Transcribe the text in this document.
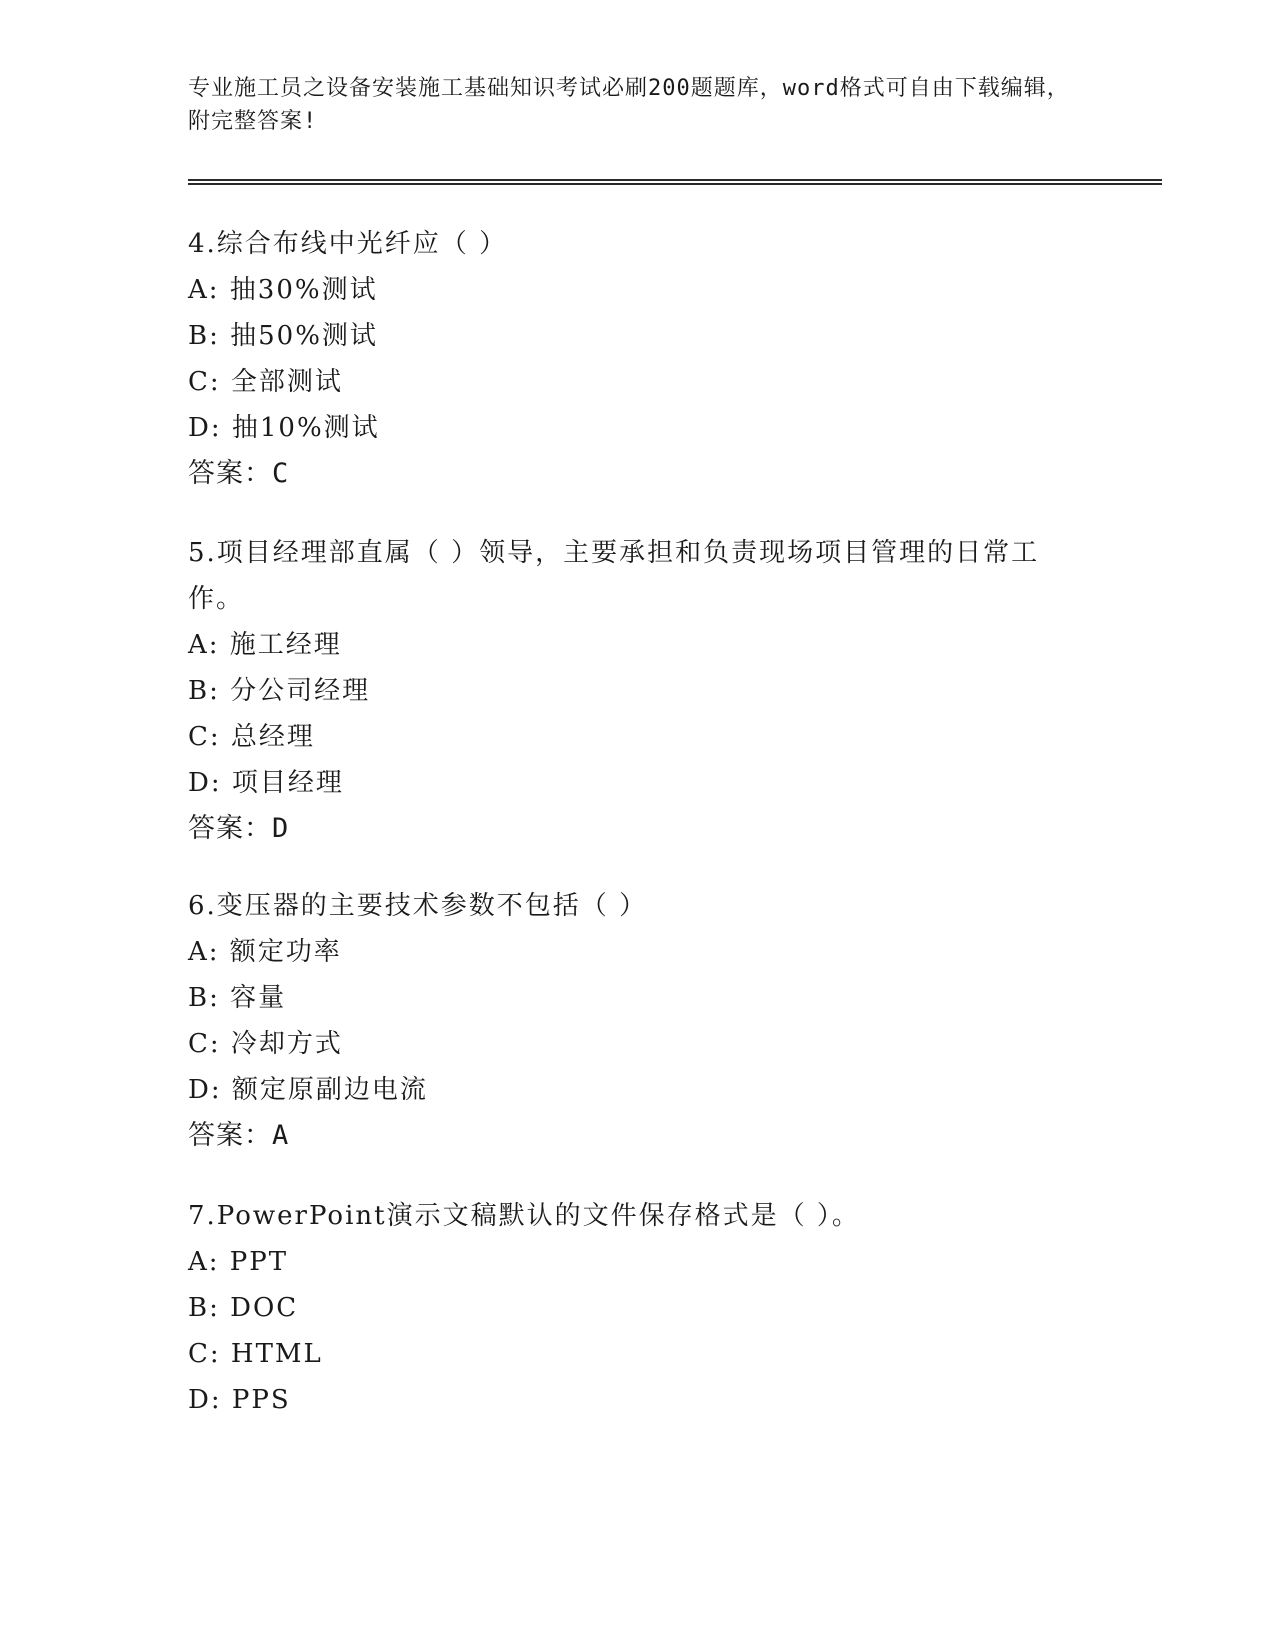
专业施工员之设备安装施工基础知识考试必刷200题题库，word格式可自由下载编辑，附完整答案!

4.综合布线中光纤应（ ）

A: 抽30%测试

B: 抽50%测试

C: 全部测试

D: 抽10%测试

答案：C

5.项目经理部直属（ ）领导，主要承担和负责现场项目管理的日常工作。

A: 施工经理

B: 分公司经理

C: 总经理

D: 项目经理

答案：D

6.变压器的主要技术参数不包括（ ）

A: 额定功率

B: 容量

C: 冷却方式

D: 额定原副边电流

答案：A

7.PowerPoint演示文稿默认的文件保存格式是（ ）。

A: PPT

B: DOC

C: HTML

D: PPS
